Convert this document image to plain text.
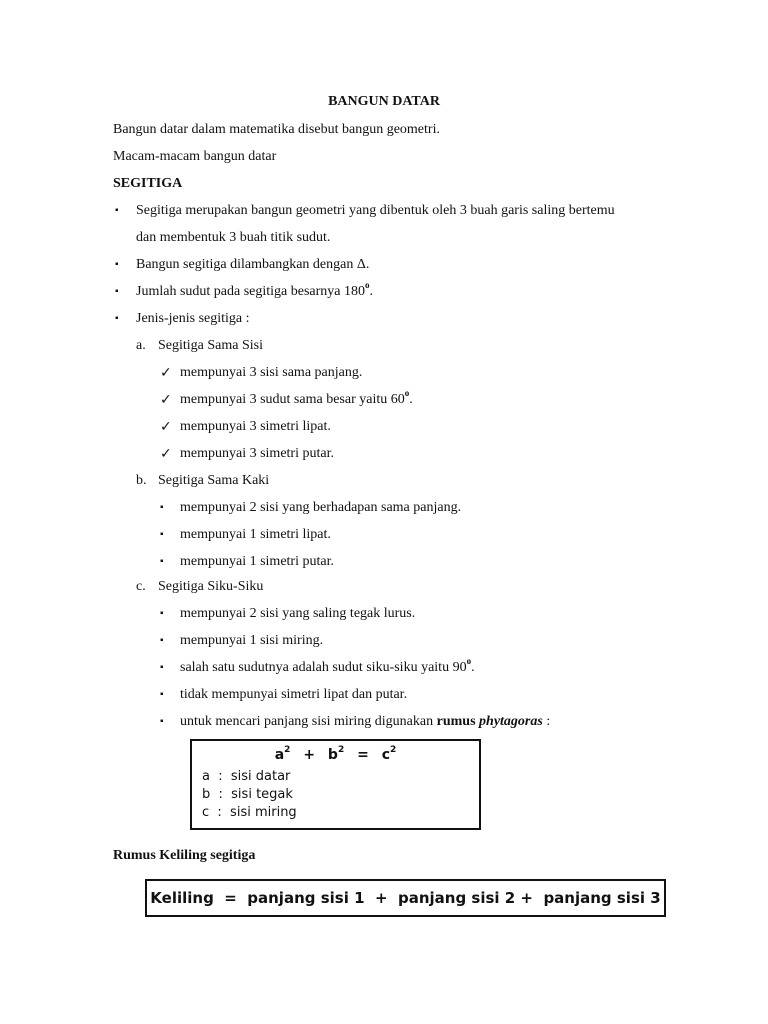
BANGUN DATAR
Bangun datar dalam matematika disebut bangun geometri.
Macam-macam bangun datar
SEGITIGA
▪ Segitiga merupakan bangun geometri yang dibentuk oleh 3 buah garis saling bertemu
dan membentuk 3 buah titik sudut.
▪ Bangun segitiga dilambangkan dengan Δ.
▪ Jumlah sudut pada segitiga besarnya 180$^o$.
▪ Jenis-jenis segitiga :
a. Segitiga Sama Sisi
✓ mempunyai 3 sisi sama panjang.
✓ mempunyai 3 sudut sama besar yaitu 60$^o$.
✓ mempunyai 3 simetri lipat.
✓ mempunyai 3 simetri putar.
b. Segitiga Sama Kaki
▪ mempunyai 2 sisi yang berhadapan sama panjang.
▪ mempunyai 1 simetri lipat.
▪ mempunyai 1 simetri putar.
c. Segitiga Siku-Siku
▪ mempunyai 2 sisi yang saling tegak lurus.
▪ mempunyai 1 sisi miring.
▪ salah satu sudutnya adalah sudut siku-siku yaitu 90$^o$.
▪ tidak mempunyai simetri lipat dan putar.
▪ untuk mencari panjang sisi miring digunakan rumus phytagoras :
$a^2 + b^2 = c^2$
a  :  sisi datar
b  :  sisi tegak
c  :  sisi miring
Rumus Keliling segitiga
Keliling  =  panjang sisi 1  +  panjang sisi 2 +  panjang sisi 3
